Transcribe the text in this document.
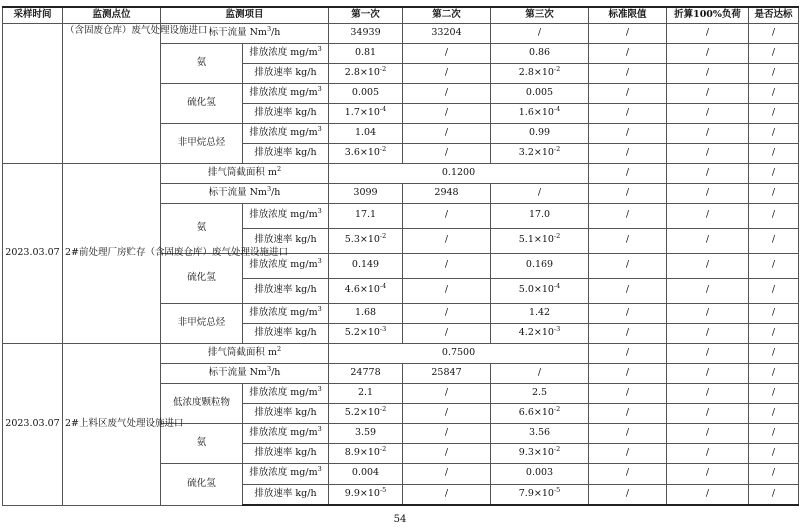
采样时间	监测点位	监测项目		第一次	第二次	第三次	标准限值	折算100%负荷	是否达标
	（含固废仓库）废气处理设施进口	标干流量 Nm$^3$/h		34939	33204	/	/	/	/
		氨	排放浓度 $mg/m^3$	0.81	/	0.86	/	/	/
			排放速率 kg/h	$2.8\times 10^{-2}$	/	$2.8\times 10^{-2}$	/	/	/
		硫化氢	排放浓度 $mg/m^3$	0.005	/	0.005	/	/	/
			排放速率 kg/h	$1.7\times 10^{-4}$	/	$1.6\times 10^{-4}$	/	/	/
		非甲烷总烃	排放浓度 $mg/m^3$	1.04	/	0.99	/	/	/
			排放速率 kg/h	$3.6\times 10^{-2}$	/	$3.2\times 10^{-2}$	/	/	/
2023.03.07	2#前处理厂房贮存（含固废仓库）废气处理设施进口	排气筒截面积 $m^2$		0.1200			/	/	/
		标干流量 Nm$^3$/h		3099	2948	/	/	/	/
		氨	排放浓度 $mg/m^3$	17.1	/	17.0	/	/	/
			排放速率 kg/h	$5.3\times 10^{-2}$	/	$5.1\times 10^{-2}$	/	/	/
		硫化氢	排放浓度 $mg/m^3$	0.149	/	0.169	/	/	/
			排放速率 kg/h	$4.6\times 10^{-4}$	/	$5.0\times 10^{-4}$	/	/	/
		非甲烷总烃	排放浓度 $mg/m^3$	1.68	/	1.42	/	/	/
			排放速率 kg/h	$5.2\times 10^{-3}$	/	$4.2\times 10^{-3}$	/	/	/
2023.03.07	2#上料区废气处理设施进口	排气筒截面积 $m^2$		0.7500			/	/	/
		标干流量 Nm$^3$/h		24778	25847	/	/	/	/
		低浓度颗粒物	排放浓度 $mg/m^3$	2.1	/	2.5	/	/	/
			排放速率 kg/h	$5.2\times 10^{-2}$	/	$6.6\times 10^{-2}$	/	/	/
		氨	排放浓度 $mg/m^3$	3.59	/	3.56	/	/	/
			排放速率 kg/h	$8.9\times 10^{-2}$	/	$9.3\times 10^{-2}$	/	/	/
		硫化氢	排放浓度 $mg/m^3$	0.004	/	0.003	/	/	/
			排放速率 kg/h	$9.9\times 10^{-5}$	/	$7.9\times 10^{-5}$	/	/	/
54
